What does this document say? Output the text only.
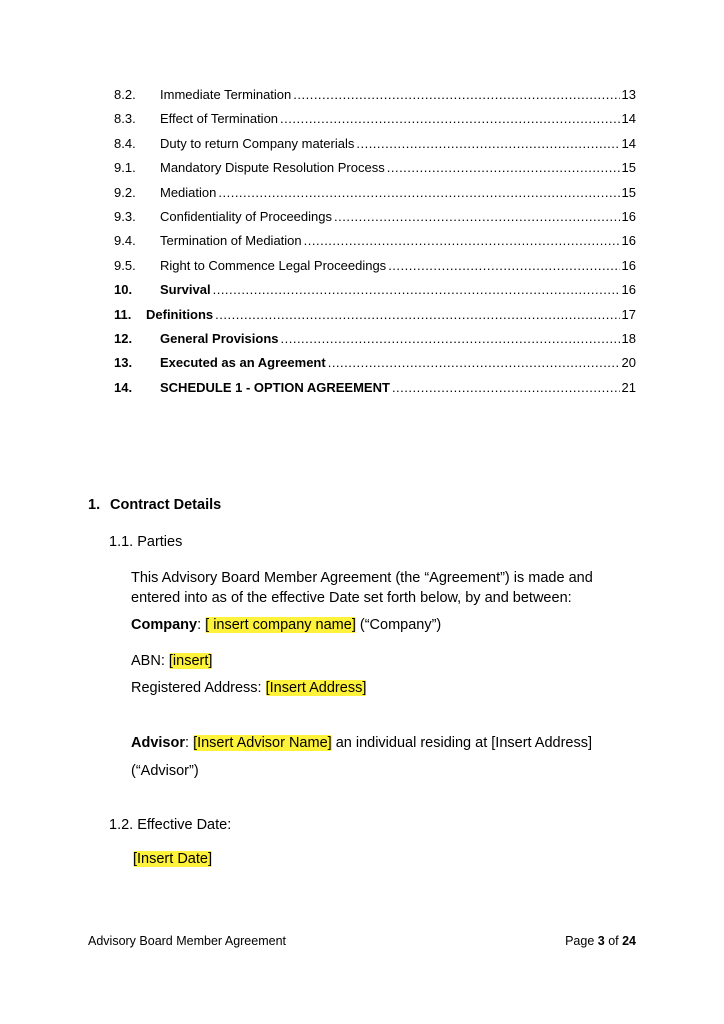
8.2.	Immediate Termination .....	13
8.3.	Effect of Termination .....	14
8.4.	Duty to return Company materials .....	14
9.1.	Mandatory Dispute Resolution Process .....	15
9.2.	Mediation .....	15
9.3.	Confidentiality of Proceedings .....	16
9.4.	Termination of Mediation .....	16
9.5.	Right to Commence Legal Proceedings .....	16
10.	Survival .....	16
11.	Definitions .....	17
12.	General Provisions .....	18
13.	Executed as an Agreement .....	20
14.	SCHEDULE 1 - OPTION AGREEMENT .....	21
1. Contract Details
1.1. Parties
This Advisory Board Member Agreement (the “Agreement”) is made and entered into as of the effective Date set forth below, by and between:
Company: [ insert company name] (“Company”)
ABN: [insert]
Registered Address: [Insert Address]
Advisor: [Insert Advisor Name] an individual residing at [Insert Address]
(“Advisor”)
1.2. Effective Date:
[Insert Date]
Advisory Board Member Agreement	Page 3 of 24
